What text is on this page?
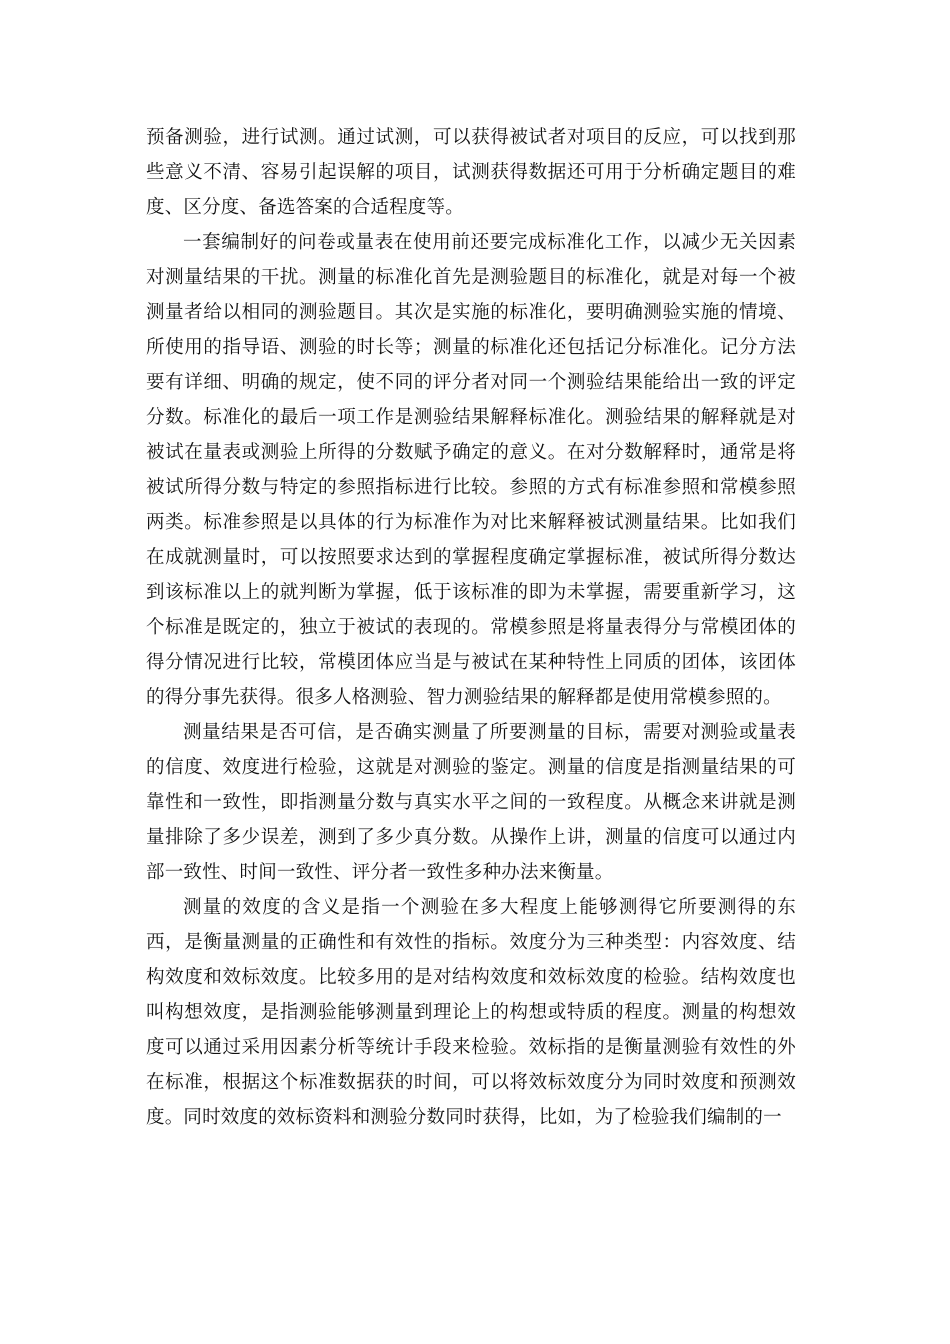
预备测验，进行试测。通过试测，可以获得被试者对项目的反应，可以找到那些意义不清、容易引起误解的项目，试测获得数据还可用于分析确定题目的难度、区分度、备选答案的合适程度等。

一套编制好的问卷或量表在使用前还要完成标准化工作，以减少无关因素对测量结果的干扰。测量的标准化首先是测验题目的标准化，就是对每一个被测量者给以相同的测验题目。其次是实施的标准化，要明确测验实施的情境、所使用的指导语、测验的时长等；测量的标准化还包括记分标准化。记分方法要有详细、明确的规定，使不同的评分者对同一个测验结果能给出一致的评定分数。标准化的最后一项工作是测验结果解释标准化。测验结果的解释就是对被试在量表或测验上所得的分数赋予确定的意义。在对分数解释时，通常是将被试所得分数与特定的参照指标进行比较。参照的方式有标准参照和常模参照两类。标准参照是以具体的行为标准作为对比来解释被试测量结果。比如我们在成就测量时，可以按照要求达到的掌握程度确定掌握标准，被试所得分数达到该标准以上的就判断为掌握，低于该标准的即为未掌握，需要重新学习，这个标准是既定的，独立于被试的表现的。常模参照是将量表得分与常模团体的得分情况进行比较，常模团体应当是与被试在某种特性上同质的团体，该团体的得分事先获得。很多人格测验、智力测验结果的解释都是使用常模参照的。

测量结果是否可信，是否确实测量了所要测量的目标，需要对测验或量表的信度、效度进行检验，这就是对测验的鉴定。测量的信度是指测量结果的可靠性和一致性，即指测量分数与真实水平之间的一致程度。从概念来讲就是测量排除了多少误差，测到了多少真分数。从操作上讲，测量的信度可以通过内部一致性、时间一致性、评分者一致性多种办法来衡量。

测量的效度的含义是指一个测验在多大程度上能够测得它所要测得的东西，是衡量测量的正确性和有效性的指标。效度分为三种类型：内容效度、结构效度和效标效度。比较多用的是对结构效度和效标效度的检验。结构效度也叫构想效度，是指测验能够测量到理论上的构想或特质的程度。测量的构想效度可以通过采用因素分析等统计手段来检验。效标指的是衡量测验有效性的外在标准，根据这个标准数据获的时间，可以将效标效度分为同时效度和预测效度。同时效度的效标资料和测验分数同时获得，比如，为了检验我们编制的一
